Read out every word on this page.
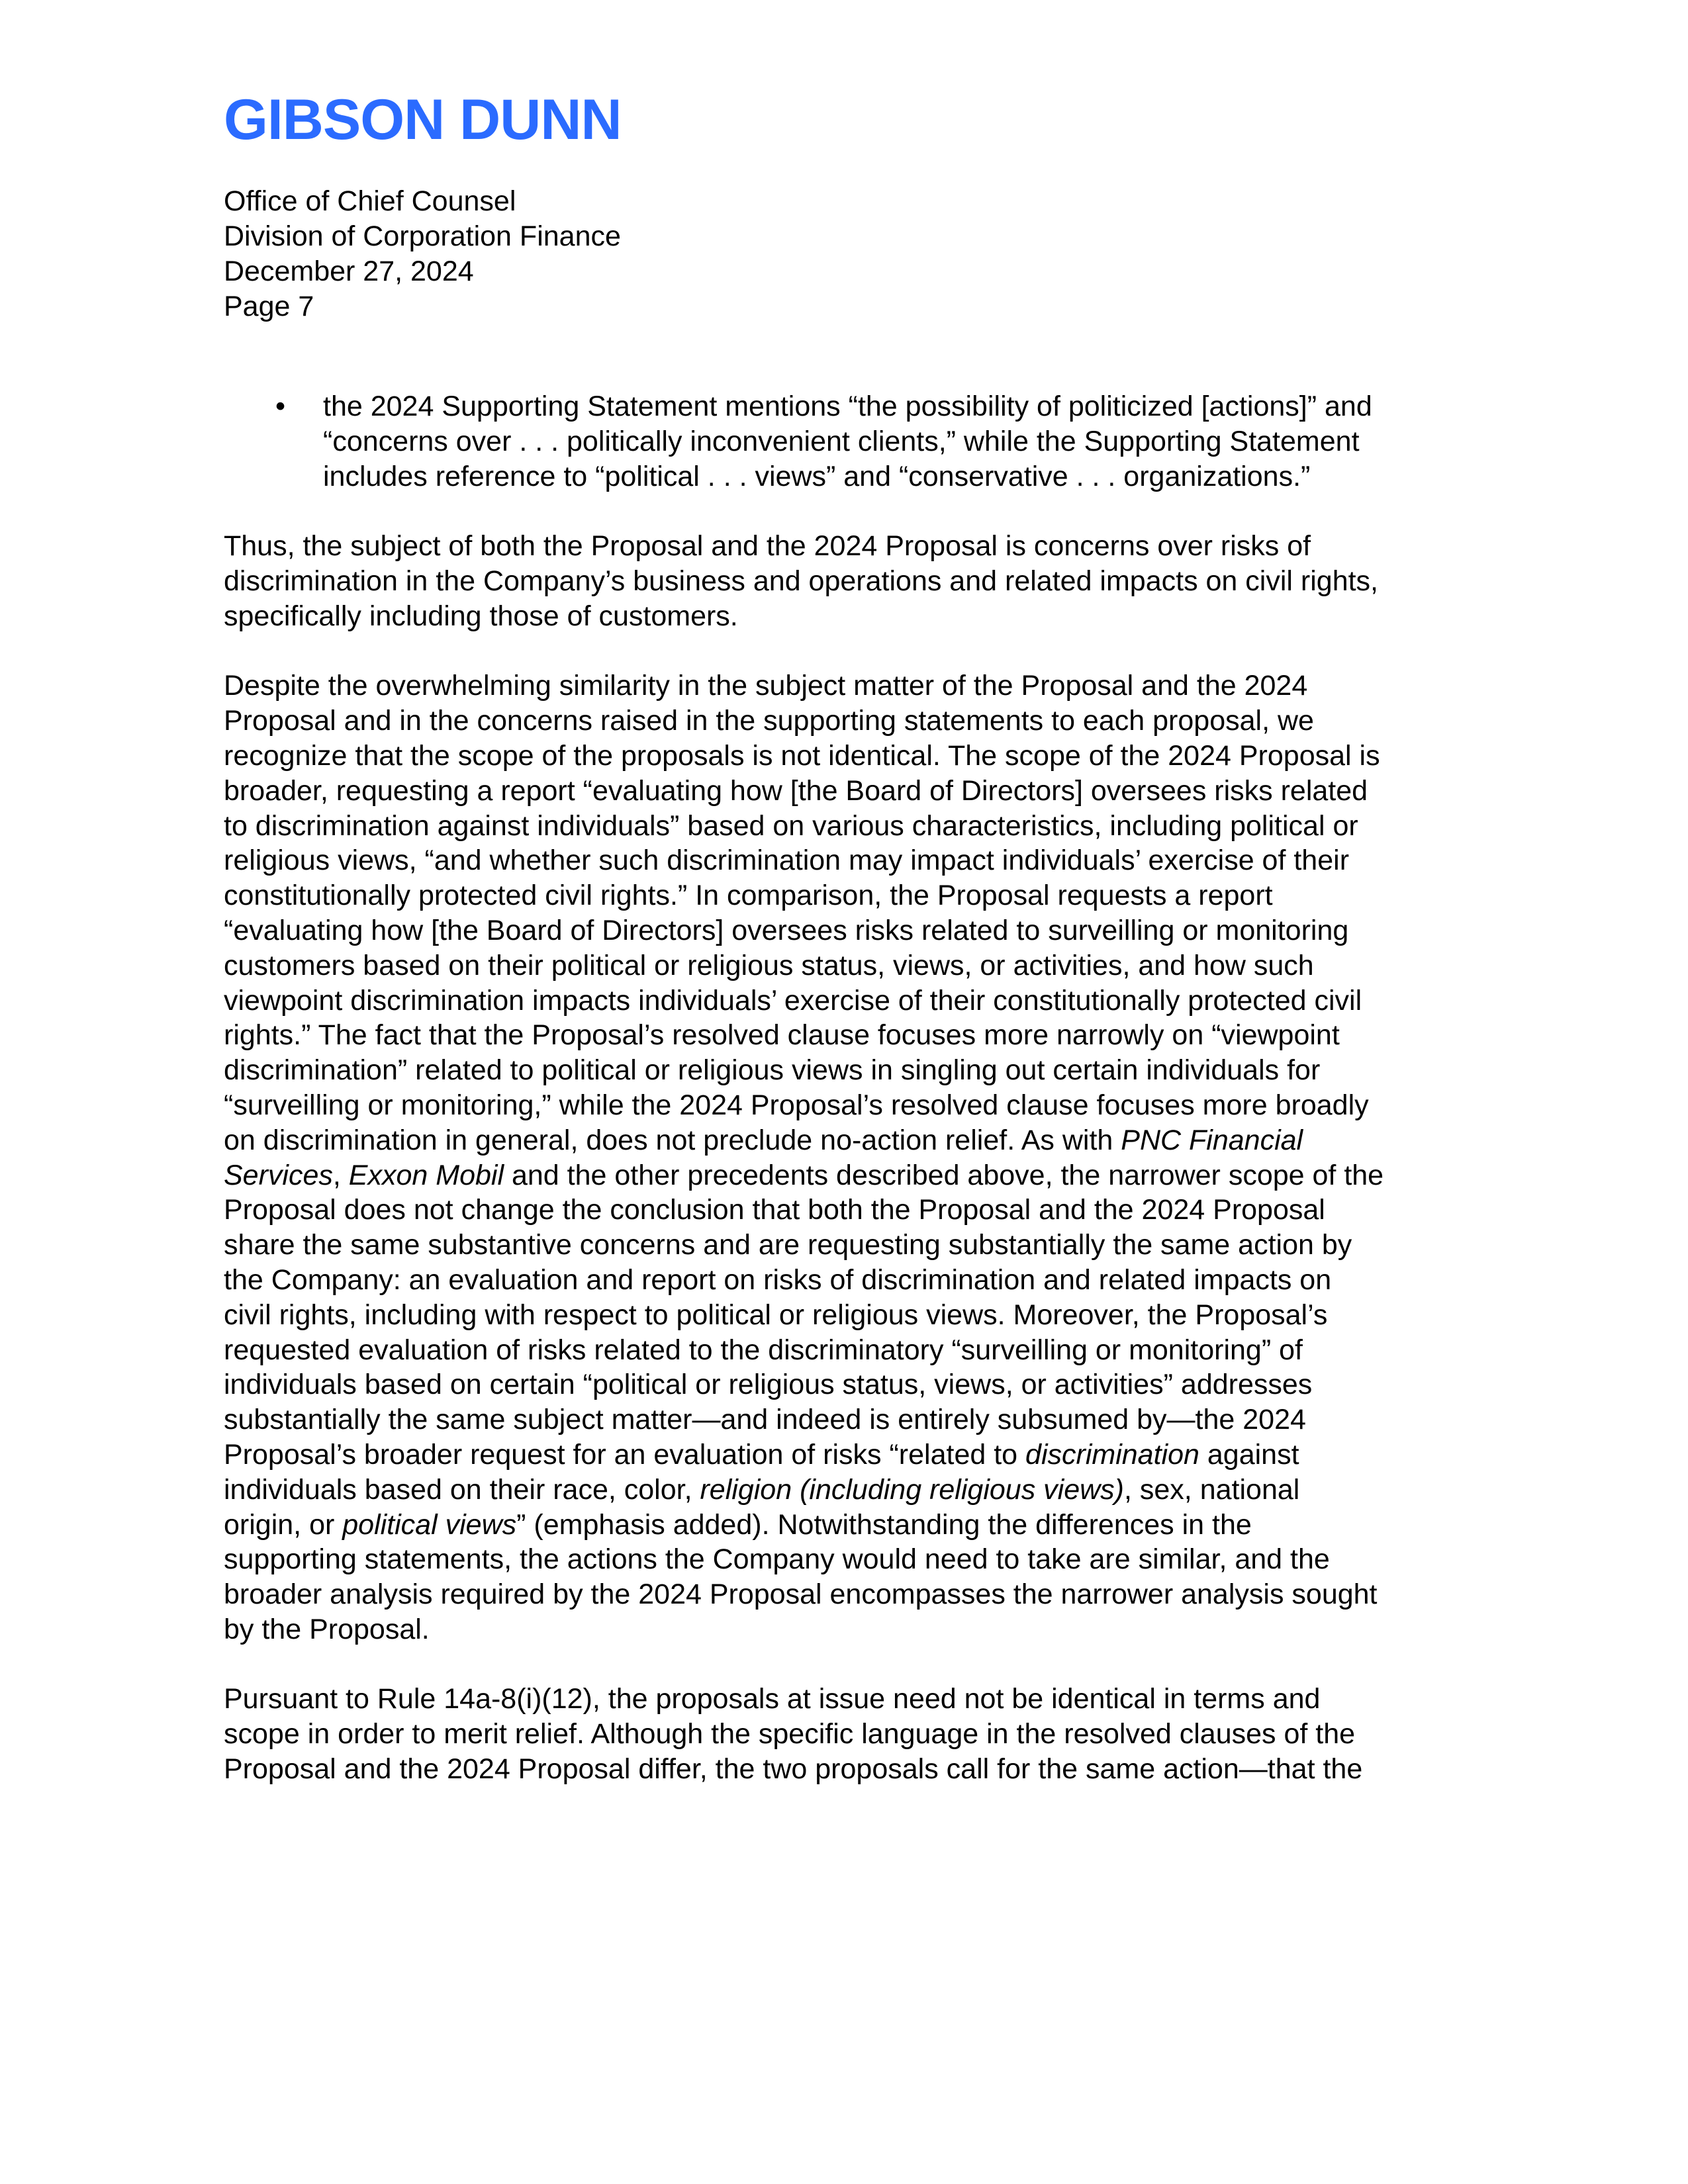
GIBSON DUNN
Office of Chief Counsel
Division of Corporation Finance
December 27, 2024
Page 7
• the 2024 Supporting Statement mentions “the possibility of politicized [actions]” and
“concerns over . . . politically inconvenient clients,” while the Supporting Statement
includes reference to “political . . . views” and “conservative . . . organizations.”
Thus, the subject of both the Proposal and the 2024 Proposal is concerns over risks of
discrimination in the Company’s business and operations and related impacts on civil rights,
specifically including those of customers.
Despite the overwhelming similarity in the subject matter of the Proposal and the 2024
Proposal and in the concerns raised in the supporting statements to each proposal, we
recognize that the scope of the proposals is not identical. The scope of the 2024 Proposal is
broader, requesting a report “evaluating how [the Board of Directors] oversees risks related
to discrimination against individuals” based on various characteristics, including political or
religious views, “and whether such discrimination may impact individuals’ exercise of their
constitutionally protected civil rights.” In comparison, the Proposal requests a report
“evaluating how [the Board of Directors] oversees risks related to surveilling or monitoring
customers based on their political or religious status, views, or activities, and how such
viewpoint discrimination impacts individuals’ exercise of their constitutionally protected civil
rights.” The fact that the Proposal’s resolved clause focuses more narrowly on “viewpoint
discrimination” related to political or religious views in singling out certain individuals for
“surveilling or monitoring,” while the 2024 Proposal’s resolved clause focuses more broadly
on discrimination in general, does not preclude no-action relief. As with PNC Financial
Services, Exxon Mobil and the other precedents described above, the narrower scope of the
Proposal does not change the conclusion that both the Proposal and the 2024 Proposal
share the same substantive concerns and are requesting substantially the same action by
the Company: an evaluation and report on risks of discrimination and related impacts on
civil rights, including with respect to political or religious views. Moreover, the Proposal’s
requested evaluation of risks related to the discriminatory “surveilling or monitoring” of
individuals based on certain “political or religious status, views, or activities” addresses
substantially the same subject matter—and indeed is entirely subsumed by—the 2024
Proposal’s broader request for an evaluation of risks “related to discrimination against
individuals based on their race, color, religion (including religious views), sex, national
origin, or political views” (emphasis added). Notwithstanding the differences in the
supporting statements, the actions the Company would need to take are similar, and the
broader analysis required by the 2024 Proposal encompasses the narrower analysis sought
by the Proposal.
Pursuant to Rule 14a-8(i)(12), the proposals at issue need not be identical in terms and
scope in order to merit relief. Although the specific language in the resolved clauses of the
Proposal and the 2024 Proposal differ, the two proposals call for the same action—that the
